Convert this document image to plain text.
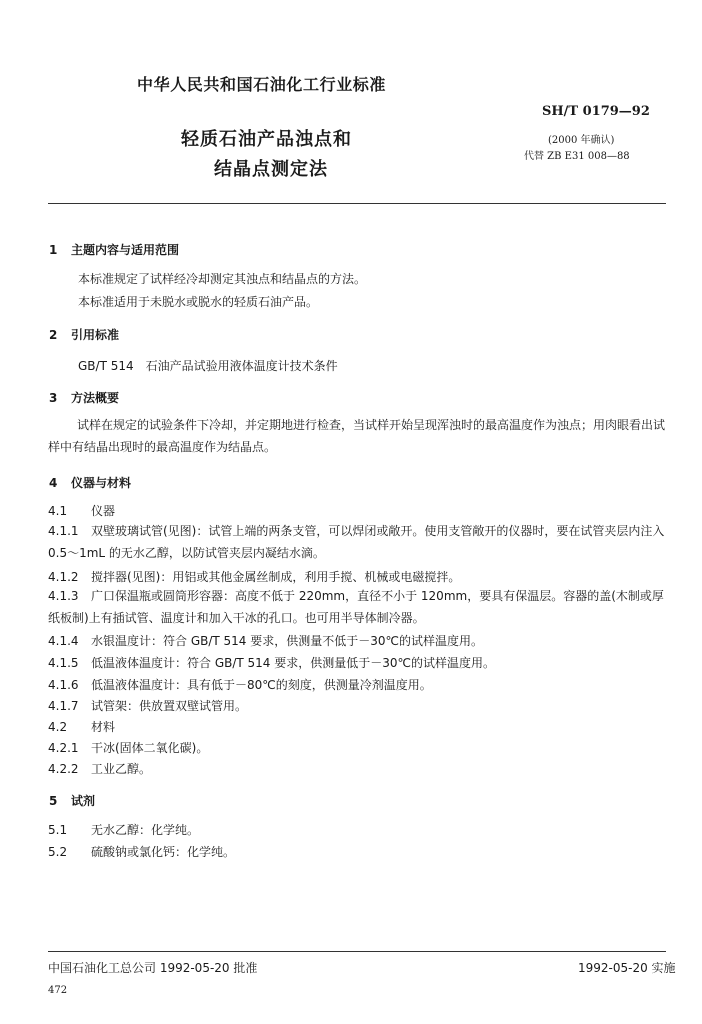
中华人民共和国石油化工行业标准
轻质石油产品浊点和
结晶点测定法
SH/T 0179—92
(2000 年确认)
代替 ZB E31 008—88
1 主题内容与适用范围
本标准规定了试样经冷却测定其浊点和结晶点的方法。
本标准适用于未脱水或脱水的轻质石油产品。
2 引用标准
GB/T 514　石油产品试验用液体温度计技术条件
3 方法概要
试样在规定的试验条件下冷却，并定期地进行检查，当试样开始呈现浑浊时的最高温度作为浊点；用肉眼看出试样中有结晶出现时的最高温度作为结晶点。
4 仪器与材料
4.1 仪器
4.1.1 双壁玻璃试管(见图)：试管上端的两条支管，可以焊闭或敞开。使用支管敞开的仪器时，要在试管夹层内注入 0.5～1mL 的无水乙醇，以防试管夹层内凝结水滴。
4.1.2 搅拌器(见图)：用铝或其他金属丝制成，利用手搅、机械或电磁搅拌。
4.1.3 广口保温瓶或圆筒形容器：高度不低于 220mm，直径不小于 120mm，要具有保温层。容器的盖(木制或厚纸板制)上有插试管、温度计和加入干冰的孔口。也可用半导体制冷器。
4.1.4 水银温度计：符合 GB/T 514 要求，供测量不低于－30℃的试样温度用。
4.1.5 低温液体温度计：符合 GB/T 514 要求，供测量低于－30℃的试样温度用。
4.1.6 低温液体温度计：具有低于－80℃的刻度，供测量冷剂温度用。
4.1.7 试管架：供放置双壁试管用。
4.2 材料
4.2.1 干冰(固体二氧化碳)。
4.2.2 工业乙醇。
5 试剂
5.1 无水乙醇：化学纯。
5.2 硫酸钠或氯化钙：化学纯。
中国石油化工总公司 1992-05-20 批准	1992-05-20 实施
472
